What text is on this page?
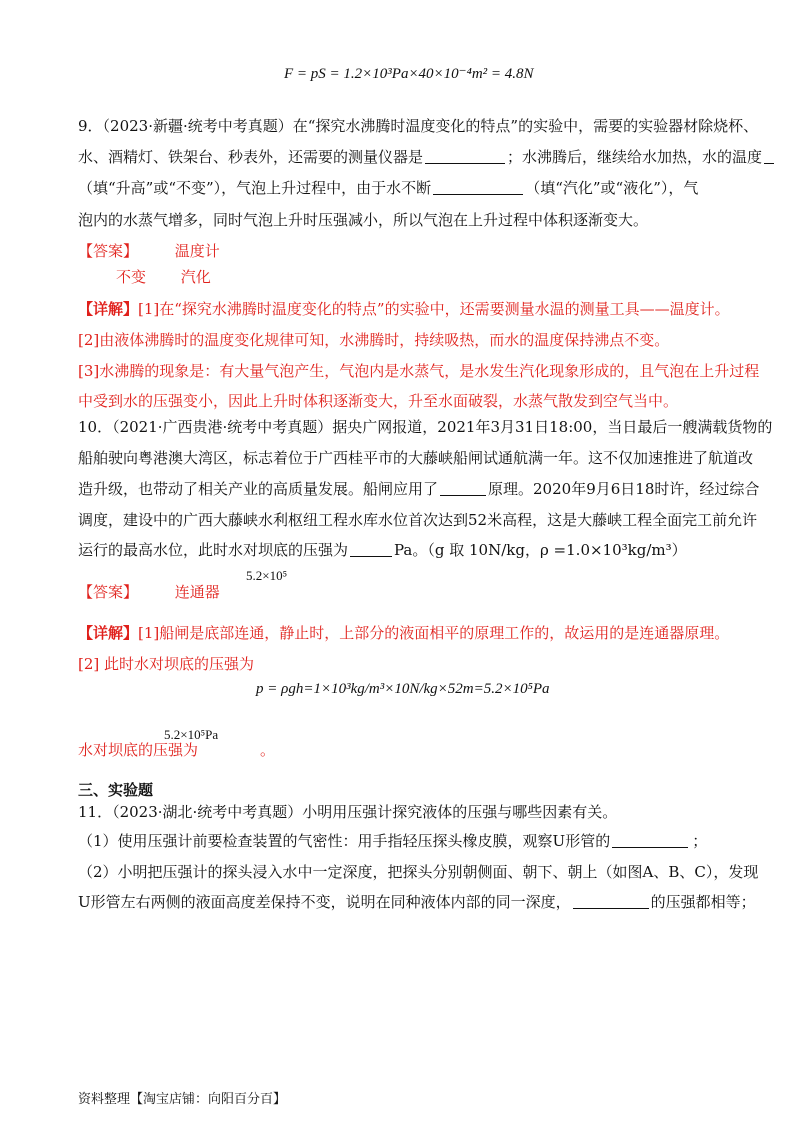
F = pS = 1.2×10³Pa×40×10⁻⁴m² = 4.8N
9．（2023·新疆·统考中考真题）在“探究水沸腾时温度变化的特点”的实验中，需要的实验器材除烧杯、
水、酒精灯、铁架台、秒表外，还需要的测量仪器是	；水沸腾后，继续给水加热，水的温度
（填“升高”或“不变”），气泡上升过程中，由于水不断	（填“汽化”或“液化”），气
泡内的水蒸气增多，同时气泡上升时压强减小，所以气泡在上升过程中体积逐渐变大。
【答案】 温度计
不变 汽化
【详解】[1]在“探究水沸腾时温度变化的特点”的实验中，还需要测量水温的测量工具——温度计。
[2]由液体沸腾时的温度变化规律可知，水沸腾时，持续吸热，而水的温度保持沸点不变。
[3]水沸腾的现象是：有大量气泡产生，气泡内是水蒸气，是水发生汽化现象形成的，且气泡在上升过程
中受到水的压强变小，因此上升时体积逐渐变大，升至水面破裂，水蒸气散发到空气当中。
10．（2021·广西贵港·统考中考真题）据央广网报道，2021年3月31日18:00，当日最后一艘满载货物的
船舶驶向粤港澳大湾区，标志着位于广西桂平市的大藤峡船闸试通航满一年。这不仅加速推进了航道改
造升级，也带动了相关产业的高质量发展。船闸应用了	原理。2020年9月6日18时许，经过综合
调度，建设中的广西大藤峡水利枢纽工程水库水位首次达到52米高程，这是大藤峡工程全面完工前允许
运行的最高水位，此时水对坝底的压强为	Pa。（g 取 10N/kg，ρ =1.0×10³kg/m³）
【答案】 连通器
5.2×10⁵
【详解】[1]船闸是底部连通，静止时，上部分的液面相平的原理工作的，故运用的是连通器原理。
[2] 此时水对坝底的压强为
p = ρgh=1×10³kg/m³×10N/kg×52m=5.2×10⁵Pa
水对坝底的压强为	。
5.2×10⁵Pa
三、实验题
11．（2023·湖北·统考中考真题）小明用压强计探究液体的压强与哪些因素有关。
（1）使用压强计前要检查装置的气密性：用手指轻压探头橡皮膜，观察U形管的	；
（2）小明把压强计的探头浸入水中一定深度，把探头分别朝侧面、朝下、朝上（如图A、B、C），发现
U形管左右两侧的液面高度差保持不变，说明在同种液体内部的同一深度，	的压强都相等；
资料整理【淘宝店铺：向阳百分百】
